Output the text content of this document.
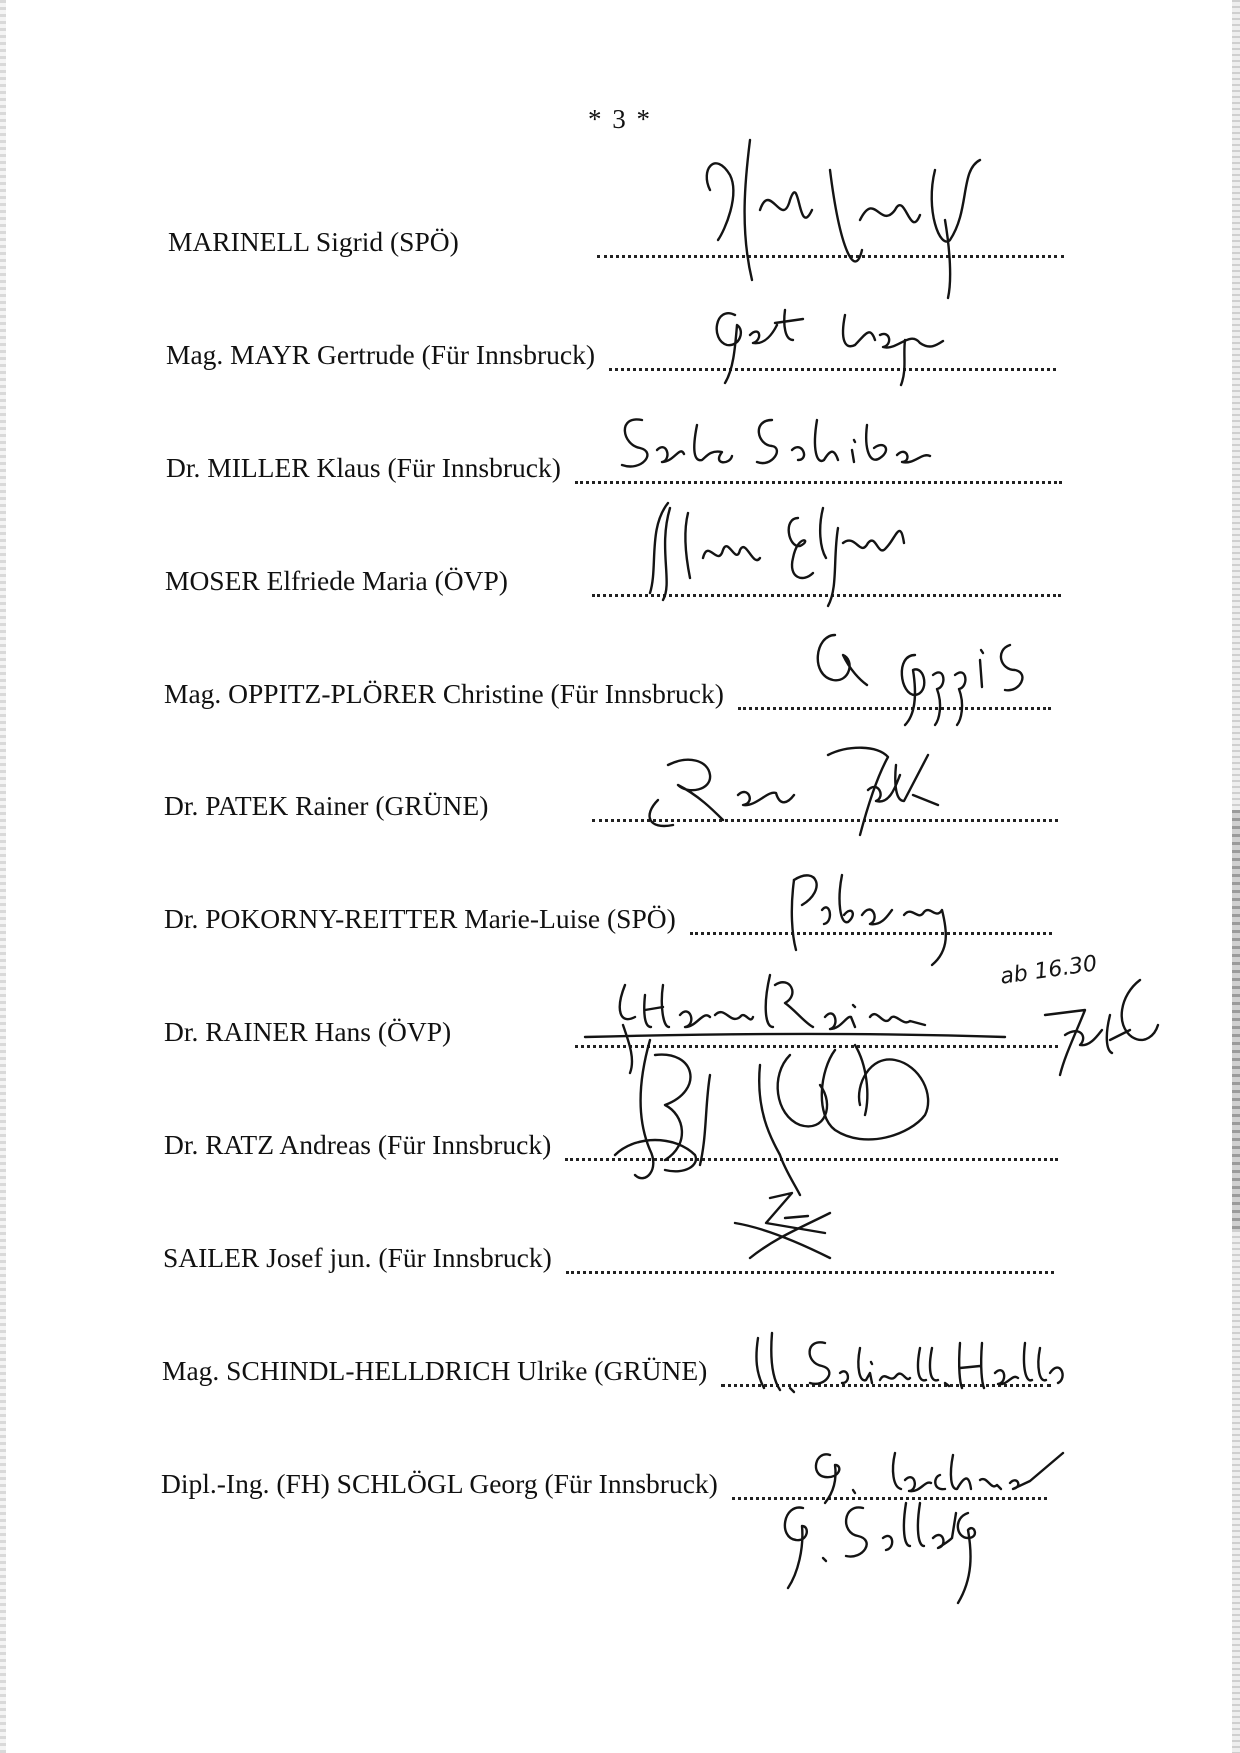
* 3 *
MARINELL Sigrid (SPÖ)
Mag. MAYR Gertrude (Für Innsbruck)
Dr. MILLER Klaus (Für Innsbruck)
MOSER Elfriede Maria (ÖVP)
Mag. OPPITZ-PLÖRER Christine (Für Innsbruck)
Dr. PATEK Rainer (GRÜNE)
Dr. POKORNY-REITTER Marie-Luise (SPÖ)
Dr. RAINER Hans (ÖVP)
Dr. RATZ Andreas (Für Innsbruck)
SAILER Josef jun. (Für Innsbruck)
Mag. SCHINDL-HELLDRICH Ulrike (GRÜNE)
Dipl.-Ing. (FH) SCHLÖGL Georg (Für Innsbruck)
ab 16.30
